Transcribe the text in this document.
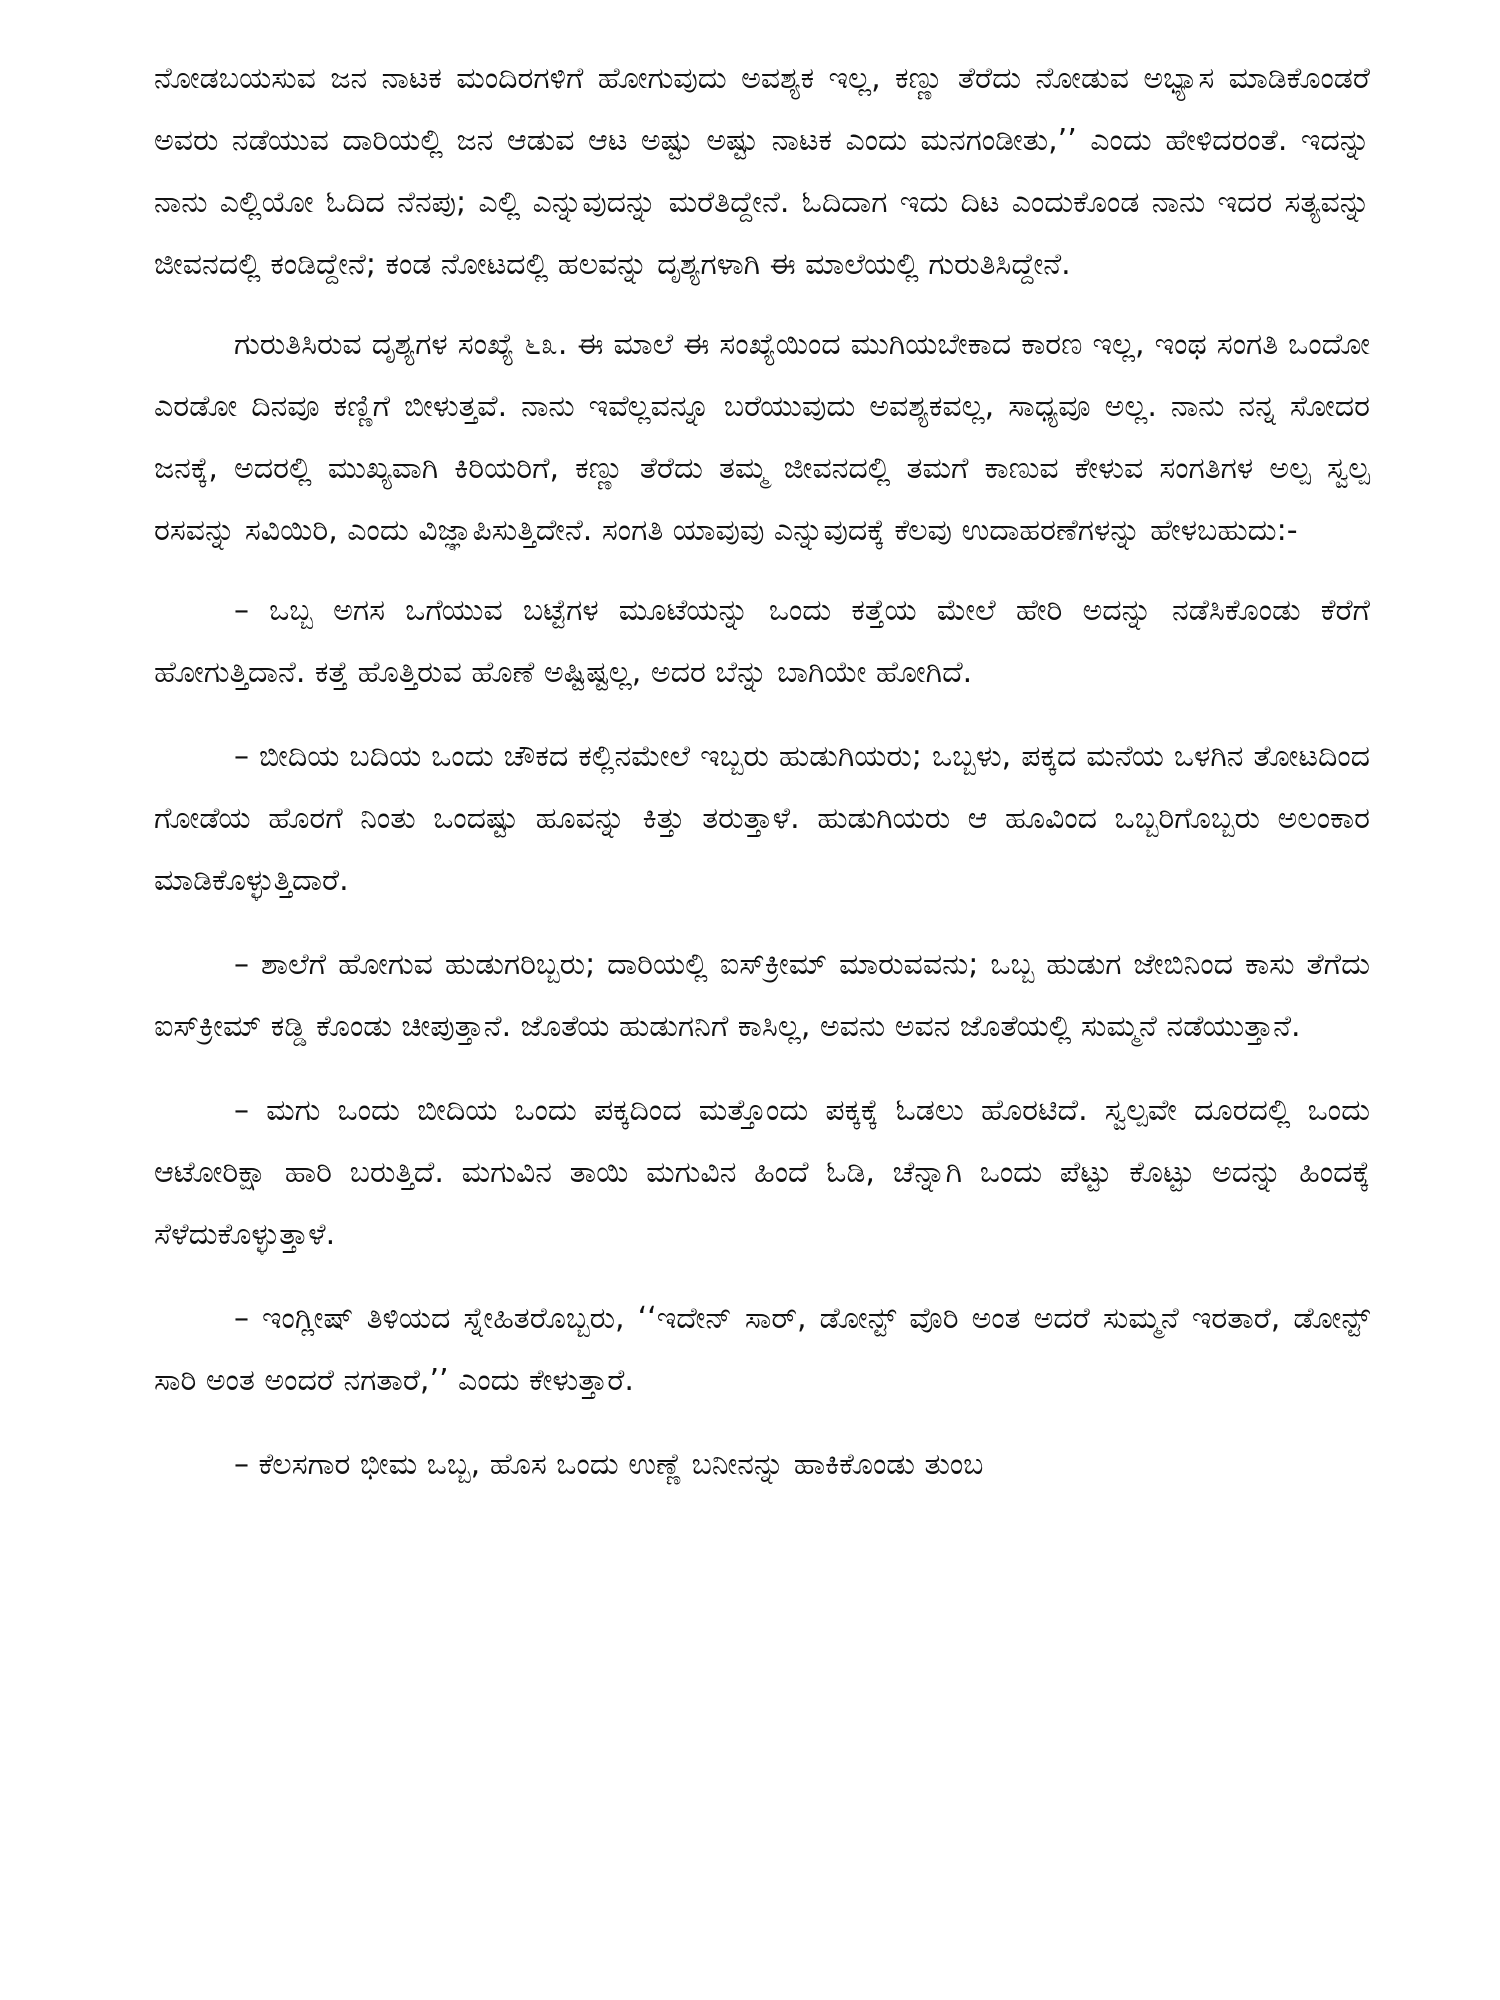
ನೋಡಬಯಸುವ ಜನ ನಾಟಕ ಮಂದಿರಗಳಿಗೆ ಹೋಗುವುದು ಅವಶ್ಯಕ ಇಲ್ಲ, ಕಣ್ಣು ತೆರೆದು ನೋಡುವ ಅಭ್ಯಾಸ ಮಾಡಿಕೊಂಡರೆ ಅವರು ನಡೆಯುವ ದಾರಿಯಲ್ಲಿ ಜನ ಆಡುವ ಆಟ ಅಷ್ಟು ಅಷ್ಟು ನಾಟಕ ಎಂದು ಮನಗಂಡೀತು,’’ ಎಂದು ಹೇಳಿದರಂತೆ. ಇದನ್ನು ನಾನು ಎಲ್ಲಿಯೋ ಓದಿದ ನೆನಪು; ಎಲ್ಲಿ ಎನ್ನುವುದನ್ನು ಮರೆತಿದ್ದೇನೆ. ಓದಿದಾಗ ಇದು ದಿಟ ಎಂದುಕೊಂಡ ನಾನು ಇದರ ಸತ್ಯವನ್ನು ಜೀವನದಲ್ಲಿ ಕಂಡಿದ್ದೇನೆ; ಕಂಡ ನೋಟದಲ್ಲಿ ಹಲವನ್ನು ದೃಶ್ಯಗಳಾಗಿ ಈ ಮಾಲೆಯಲ್ಲಿ ಗುರುತಿಸಿದ್ದೇನೆ.

ಗುರುತಿಸಿರುವ ದೃಶ್ಯಗಳ ಸಂಖ್ಯೆ ೬೩. ಈ ಮಾಲೆ ಈ ಸಂಖ್ಯೆಯಿಂದ ಮುಗಿಯಬೇಕಾದ ಕಾರಣ ಇಲ್ಲ, ಇಂಥ ಸಂಗತಿ ಒಂದೋ ಎರಡೋ ದಿನವೂ ಕಣ್ಣಿಗೆ ಬೀಳುತ್ತವೆ. ನಾನು ಇವೆಲ್ಲವನ್ನೂ ಬರೆಯುವುದು ಅವಶ್ಯಕವಲ್ಲ, ಸಾಧ್ಯವೂ ಅಲ್ಲ. ನಾನು ನನ್ನ ಸೋದರ ಜನಕ್ಕೆ, ಅದರಲ್ಲಿ ಮುಖ್ಯವಾಗಿ ಕಿರಿಯರಿಗೆ, ಕಣ್ಣು ತೆರೆದು ತಮ್ಮ ಜೀವನದಲ್ಲಿ ತಮಗೆ ಕಾಣುವ ಕೇಳುವ ಸಂಗತಿಗಳ ಅಲ್ಪ ಸ್ವಲ್ಪ ರಸವನ್ನು ಸವಿಯಿರಿ, ಎಂದು ವಿಜ್ಞಾಪಿಸುತ್ತಿದೇನೆ. ಸಂಗತಿ ಯಾವುವು ಎನ್ನುವುದಕ್ಕೆ ಕೆಲವು ಉದಾಹರಣೆಗಳನ್ನು ಹೇಳಬಹುದು:-

– ಒಬ್ಬ ಅಗಸ ಒಗೆಯುವ ಬಟ್ಟೆಗಳ ಮೂಟೆಯನ್ನು ಒಂದು ಕತ್ತೆಯ ಮೇಲೆ ಹೇರಿ ಅದನ್ನು ನಡೆಸಿಕೊಂಡು ಕೆರೆಗೆ ಹೋಗುತ್ತಿದಾನೆ. ಕತ್ತೆ ಹೊತ್ತಿರುವ ಹೊಣೆ ಅಷ್ಟಿಷ್ಟಲ್ಲ, ಅದರ ಬೆನ್ನು ಬಾಗಿಯೇ ಹೋಗಿದೆ.

– ಬೀದಿಯ ಬದಿಯ ಒಂದು ಚೌಕದ ಕಲ್ಲಿನಮೇಲೆ ಇಬ್ಬರು ಹುಡುಗಿಯರು; ಒಬ್ಬಳು, ಪಕ್ಕದ ಮನೆಯ ಒಳಗಿನ ತೋಟದಿಂದ ಗೋಡೆಯ ಹೊರಗೆ ನಿಂತು ಒಂದಷ್ಟು ಹೂವನ್ನು ಕಿತ್ತು ತರುತ್ತಾಳೆ. ಹುಡುಗಿಯರು ಆ ಹೂವಿಂದ ಒಬ್ಬರಿಗೊಬ್ಬರು ಅಲಂಕಾರ ಮಾಡಿಕೊಳ್ಳುತ್ತಿದಾರೆ.

– ಶಾಲೆಗೆ ಹೋಗುವ ಹುಡುಗರಿಬ್ಬರು; ದಾರಿಯಲ್ಲಿ ಐಸ್‌ಕ್ರೀಮ್ ಮಾರುವವನು; ಒಬ್ಬ ಹುಡುಗ ಜೇಬಿನಿಂದ ಕಾಸು ತೆಗೆದು ಐಸ್‌ಕ್ರೀಮ್ ಕಡ್ಡಿ ಕೊಂಡು ಚೀಪುತ್ತಾನೆ. ಜೊತೆಯ ಹುಡುಗನಿಗೆ ಕಾಸಿಲ್ಲ, ಅವನು ಅವನ ಜೊತೆಯಲ್ಲಿ ಸುಮ್ಮನೆ ನಡೆಯುತ್ತಾನೆ.

– ಮಗು ಒಂದು ಬೀದಿಯ ಒಂದು ಪಕ್ಕದಿಂದ ಮತ್ತೊಂದು ಪಕ್ಕಕ್ಕೆ ಓಡಲು ಹೊರಟಿದೆ. ಸ್ವಲ್ಪವೇ ದೂರದಲ್ಲಿ ಒಂದು ಆಟೋರಿಕ್ಷಾ ಹಾರಿ ಬರುತ್ತಿದೆ. ಮಗುವಿನ ತಾಯಿ ಮಗುವಿನ ಹಿಂದೆ ಓಡಿ, ಚೆನ್ನಾಗಿ ಒಂದು ಪೆಟ್ಟು ಕೊಟ್ಟು ಅದನ್ನು ಹಿಂದಕ್ಕೆ ಸೆಳೆದುಕೊಳ್ಳುತ್ತಾಳೆ.

– ಇಂಗ್ಲೀಷ್ ತಿಳಿಯದ ಸ್ನೇಹಿತರೊಬ್ಬರು, ‘‘ಇದೇನ್ ಸಾರ್, ಡೋನ್ಟ್ ವೊರಿ ಅಂತ ಅದರೆ ಸುಮ್ಮನೆ ಇರತಾರೆ, ಡೋನ್ಟ್ ಸಾರಿ ಅಂತ ಅಂದರೆ ನಗತಾರೆ,’’ ಎಂದು ಕೇಳುತ್ತಾರೆ.

– ಕೆಲಸಗಾರ ಭೀಮ ಒಬ್ಬ, ಹೊಸ ಒಂದು ಉಣ್ಣೆ ಬನೀನನ್ನು ಹಾಕಿಕೊಂಡು ತುಂಬ
